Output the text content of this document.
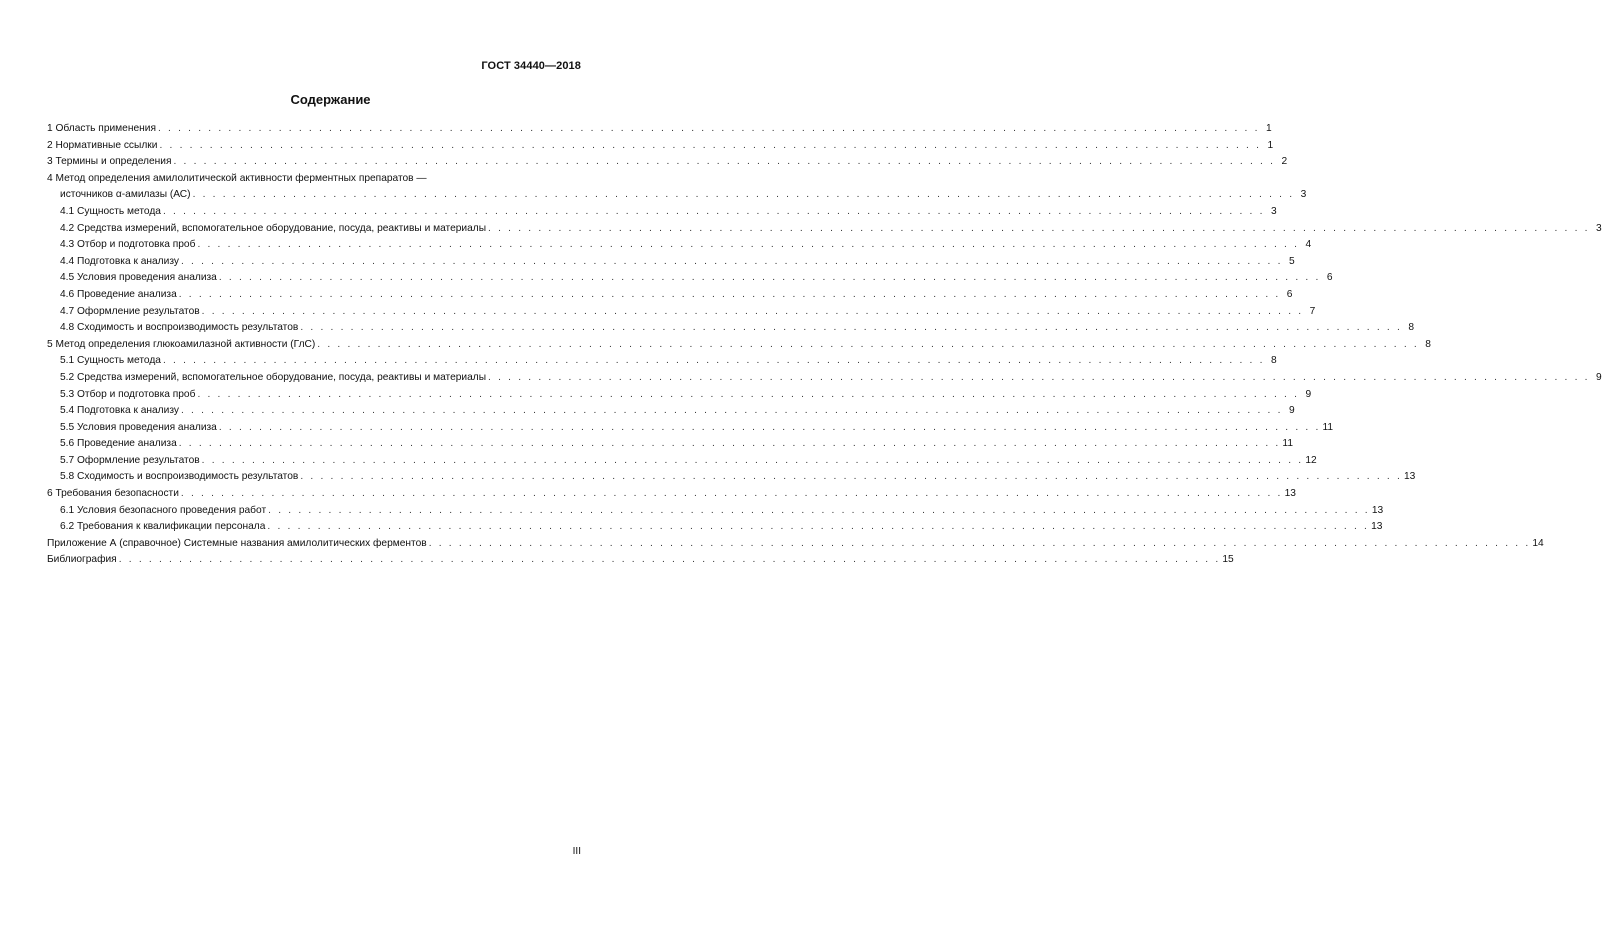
ГОСТ 34440—2018
Содержание
1 Область применения . . .	1
2 Нормативные ссылки . . .	1
3 Термины и определения . . .	2
4 Метод определения амилолитической активности ферментных препаратов —
источников α-амилазы (АС) . . .	3
4.1 Сущность метода . . .	3
4.2 Средства измерений, вспомогательное оборудование, посуда, реактивы и материалы . . .	3
4.3 Отбор и подготовка проб . . .	4
4.4 Подготовка к анализу . . .	5
4.5 Условия проведения анализа . . .	6
4.6 Проведение анализа . . .	6
4.7 Оформление результатов . . .	7
4.8 Сходимость и воспроизводимость результатов . . .	8
5 Метод определения глюкоамилазной активности (ГлС) . . .	8
5.1 Сущность метода . . .	8
5.2 Средства измерений, вспомогательное оборудование, посуда, реактивы и материалы . . .	9
5.3 Отбор и подготовка проб . . .	9
5.4 Подготовка к анализу . . .	9
5.5 Условия проведения анализа . . .	11
5.6 Проведение анализа . . .	11
5.7 Оформление результатов . . .	12
5.8 Сходимость и воспроизводимость результатов . . .	13
6 Требования безопасности . . .	13
6.1 Условия безопасного проведения работ . . .	13
6.2 Требования к квалификации персонала . . .	13
Приложение А (справочное) Системные названия амилолитических ферментов . . .	14
Библиография . . .	15
III
